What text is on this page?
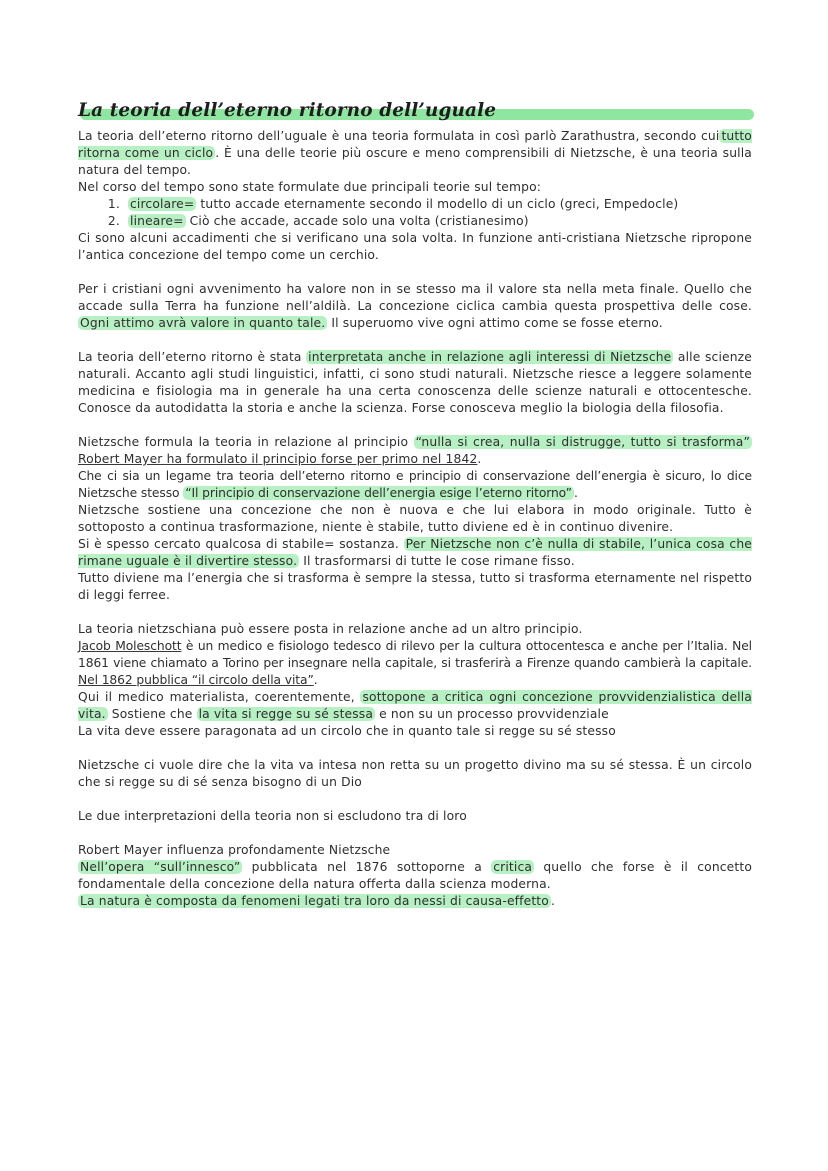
La teoria dell’eterno ritorno dell’uguale

La teoria dell’eterno ritorno dell’uguale è una teoria formulata in così parlò Zarathustra, secondo cui tutto ritorna come un ciclo . È una delle teorie più oscure e meno comprensibili di Nietzsche, è una teoria sulla natura del tempo.

Nel corso del tempo sono state formulate due principali teorie sul tempo:

1. circolare= tutto accade eternamente secondo il modello di un ciclo (greci, Empedocle)
2. lineare= Ciò che accade, accade solo una volta (cristianesimo)

Ci sono alcuni accadimenti che si verificano una sola volta. In funzione anti-cristiana Nietzsche ripropone l’antica concezione del tempo come un cerchio.

Per i cristiani ogni avvenimento ha valore non in se stesso ma il valore sta nella meta finale. Quello che accade sulla Terra ha funzione nell’aldilà. La concezione ciclica cambia questa prospettiva delle cose. Ogni attimo avrà valore in quanto tale. Il superuomo vive ogni attimo come se fosse eterno.

La teoria dell’eterno ritorno è stata interpretata anche in relazione agli interessi di Nietzsche alle scienze naturali. Accanto agli studi linguistici, infatti, ci sono studi naturali. Nietzsche riesce a leggere solamente medicina e fisiologia ma in generale ha una certa conoscenza delle scienze naturali e ottocentesche. Conosce da autodidatta la storia e anche la scienza. Forse conosceva meglio la biologia della filosofia.

Nietzsche formula la teoria in relazione al principio “nulla si crea, nulla si distrugge, tutto si trasforma” Robert Mayer ha formulato il principio forse per primo nel 1842.

Che ci sia un legame tra teoria dell’eterno ritorno e principio di conservazione dell’energia è sicuro, lo dice Nietzsche stesso “Il principio di conservazione dell’energia esige l’eterno ritorno” .

Nietzsche sostiene una concezione che non è nuova e che lui elabora in modo originale. Tutto è sottoposto a continua trasformazione, niente è stabile, tutto diviene ed è in continuo divenire.

Si è spesso cercato qualcosa di stabile= sostanza. Per Nietzsche non c’è nulla di stabile, l’unica cosa che rimane uguale è il divertire stesso. Il trasformarsi di tutte le cose rimane fisso.

Tutto diviene ma l’energia che si trasforma è sempre la stessa, tutto si trasforma eternamente nel rispetto di leggi ferree.

La teoria nietzschiana può essere posta in relazione anche ad un altro principio.

Jacob Moleschott è un medico e fisiologo tedesco di rilevo per la cultura ottocentesca e anche per l’Italia. Nel 1861 viene chiamato a Torino per insegnare nella capitale, si trasferirà a Firenze quando cambierà la capitale. Nel 1862 pubblica “il circolo della vita”.

Qui il medico materialista, coerentemente, sottopone a critica ogni concezione provvidenzialistica della vita. Sostiene che la vita si regge su sé stessa e non su un processo provvidenziale

La vita deve essere paragonata ad un circolo che in quanto tale si regge su sé stesso

Nietzsche ci vuole dire che la vita va intesa non retta su un progetto divino ma su sé stessa. È un circolo che si regge su di sé senza bisogno di un Dio

Le due interpretazioni della teoria non si escludono tra di loro

Robert Mayer influenza profondamente Nietzsche

Nell’opera “sull’innesco” pubblicata nel 1876 sottoporne a critica quello che forse è il concetto fondamentale della concezione della natura offerta dalla scienza moderna.

La natura è composta da fenomeni legati tra loro da nessi di causa-effetto .
